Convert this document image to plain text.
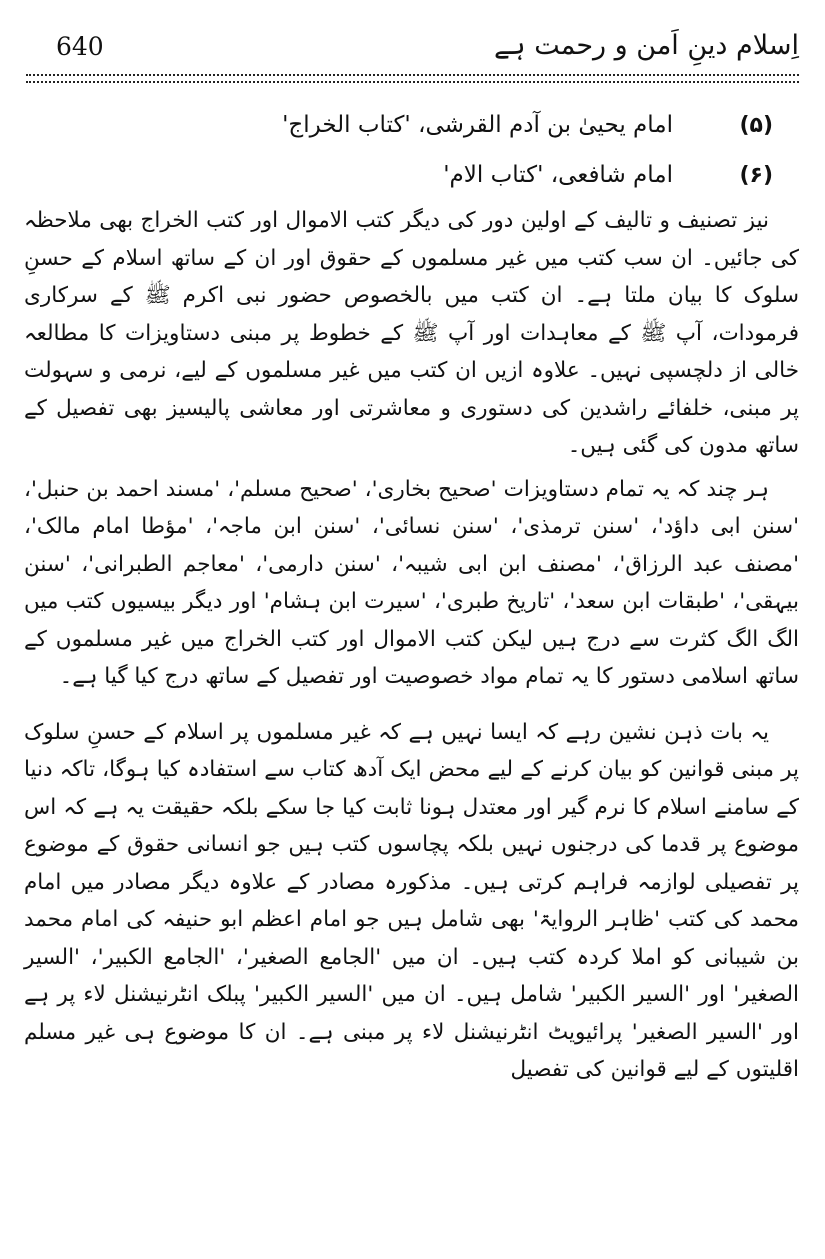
اِسلام دینِ اَمن و رحمت ہے
640
(۵)
امام یحییٰ بن آدم القرشی، 'کتاب الخراج'
(۶)
امام شافعی، 'کتاب الام'

نیز تصنیف و تالیف کے اولین دور کی دیگر کتب الاموال اور کتب الخراج بھی ملاحظہ کی جائیں۔ ان سب کتب میں غیر مسلموں کے حقوق اور ان کے ساتھ اسلام کے حسنِ سلوک کا بیان ملتا ہے۔ ان کتب میں بالخصوص حضور نبی اکرم ﷺ کے سرکاری فرمودات، آپ ﷺ کے معاہدات اور آپ ﷺ کے خطوط پر مبنی دستاویزات کا مطالعہ خالی از دلچسپی نہیں۔ علاوہ ازیں ان کتب میں غیر مسلموں کے لیے، نرمی و سہولت پر مبنی، خلفائے راشدین کی دستوری و معاشرتی اور معاشی پالیسیز بھی تفصیل کے ساتھ مدون کی گئی ہیں۔

ہر چند کہ یہ تمام دستاویزات 'صحیح بخاری'، 'صحیح مسلم'، 'مسند احمد بن حنبل'، 'سنن ابی داؤد'، 'سنن ترمذی'، 'سنن نسائی'، 'سنن ابن ماجہ'، 'مؤطا امام مالک'، 'مصنف عبد الرزاق'، 'مصنف ابن ابی شیبہ'، 'سنن دارمی'، 'معاجم الطبرانی'، 'سنن بیہقی'، 'طبقات ابن سعد'، 'تاریخ طبری'، 'سیرت ابن ہشام' اور دیگر بیسیوں کتب میں الگ الگ کثرت سے درج ہیں لیکن کتب الاموال اور کتب الخراج میں غیر مسلموں کے ساتھ اسلامی دستور کا یہ تمام مواد خصوصیت اور تفصیل کے ساتھ درج کیا گیا ہے۔

یہ بات ذہن نشین رہے کہ ایسا نہیں ہے کہ غیر مسلموں پر اسلام کے حسنِ سلوک پر مبنی قوانین کو بیان کرنے کے لیے محض ایک آدھ کتاب سے استفادہ کیا ہوگا، تاکہ دنیا کے سامنے اسلام کا نرم گیر اور معتدل ہونا ثابت کیا جا سکے بلکہ حقیقت یہ ہے کہ اس موضوع پر قدما کی درجنوں نہیں بلکہ پچاسوں کتب ہیں جو انسانی حقوق کے موضوع پر تفصیلی لوازمہ فراہم کرتی ہیں۔ مذکورہ مصادر کے علاوہ دیگر مصادر میں امام محمد کی کتب 'ظاہر الروایۃ' بھی شامل ہیں جو امام اعظم ابو حنیفہ کی امام محمد بن شیبانی کو املا کردہ کتب ہیں۔ ان میں 'الجامع الصغیر'، 'الجامع الکبیر'، 'السیر الصغیر' اور 'السیر الکبیر' شامل ہیں۔ ان میں 'السیر الکبیر' پبلک انٹرنیشنل لاء پر ہے اور 'السیر الصغیر' پرائیویٹ انٹرنیشنل لاء پر مبنی ہے۔ ان کا موضوع ہی غیر مسلم اقلیتوں کے لیے قوانین کی تفصیل
